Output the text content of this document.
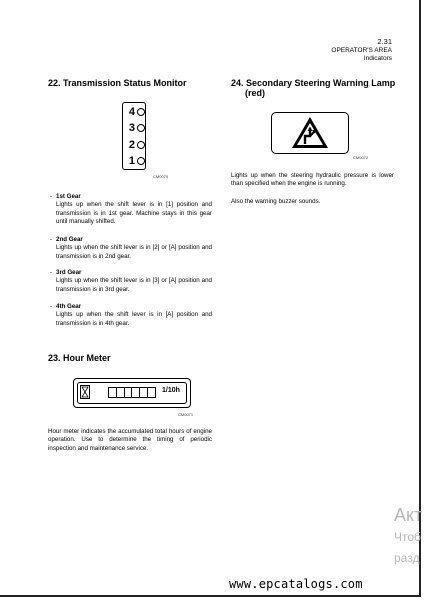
2.31
OPERATOR'S AREA
Indicators
22. Transmission Status Monitor
4
3
2
1
CM0070
- 1st Gear
Lights up when the shift lever is in [1] position and transmission is in 1st gear. Machine stays in this gear until manually shifted.
- 2nd Gear
Lights up when the shift lever is in [2] or [A] position and transmission is in 2nd gear.
- 3rd Gear
Lights up when the shift lever is in [3] or [A] position and transmission is in 3rd gear.
- 4th Gear
Lights up when the shift lever is in [A] position and transmission is in 4th gear.
23. Hour Meter
1/10h
CM0071
Hour meter indicates the accumulated total hours of engine operation. Use to determine the timing of periodic inspection and maintenance service.
24. Secondary Steering Warning Lamp
(red)
CM0072
Lights up when the steering hydraulic pressure is lower than specified when the engine is running.
Also the warning buzzer sounds.
Акт
Чтоб
разд
www.epcatalogs.com
